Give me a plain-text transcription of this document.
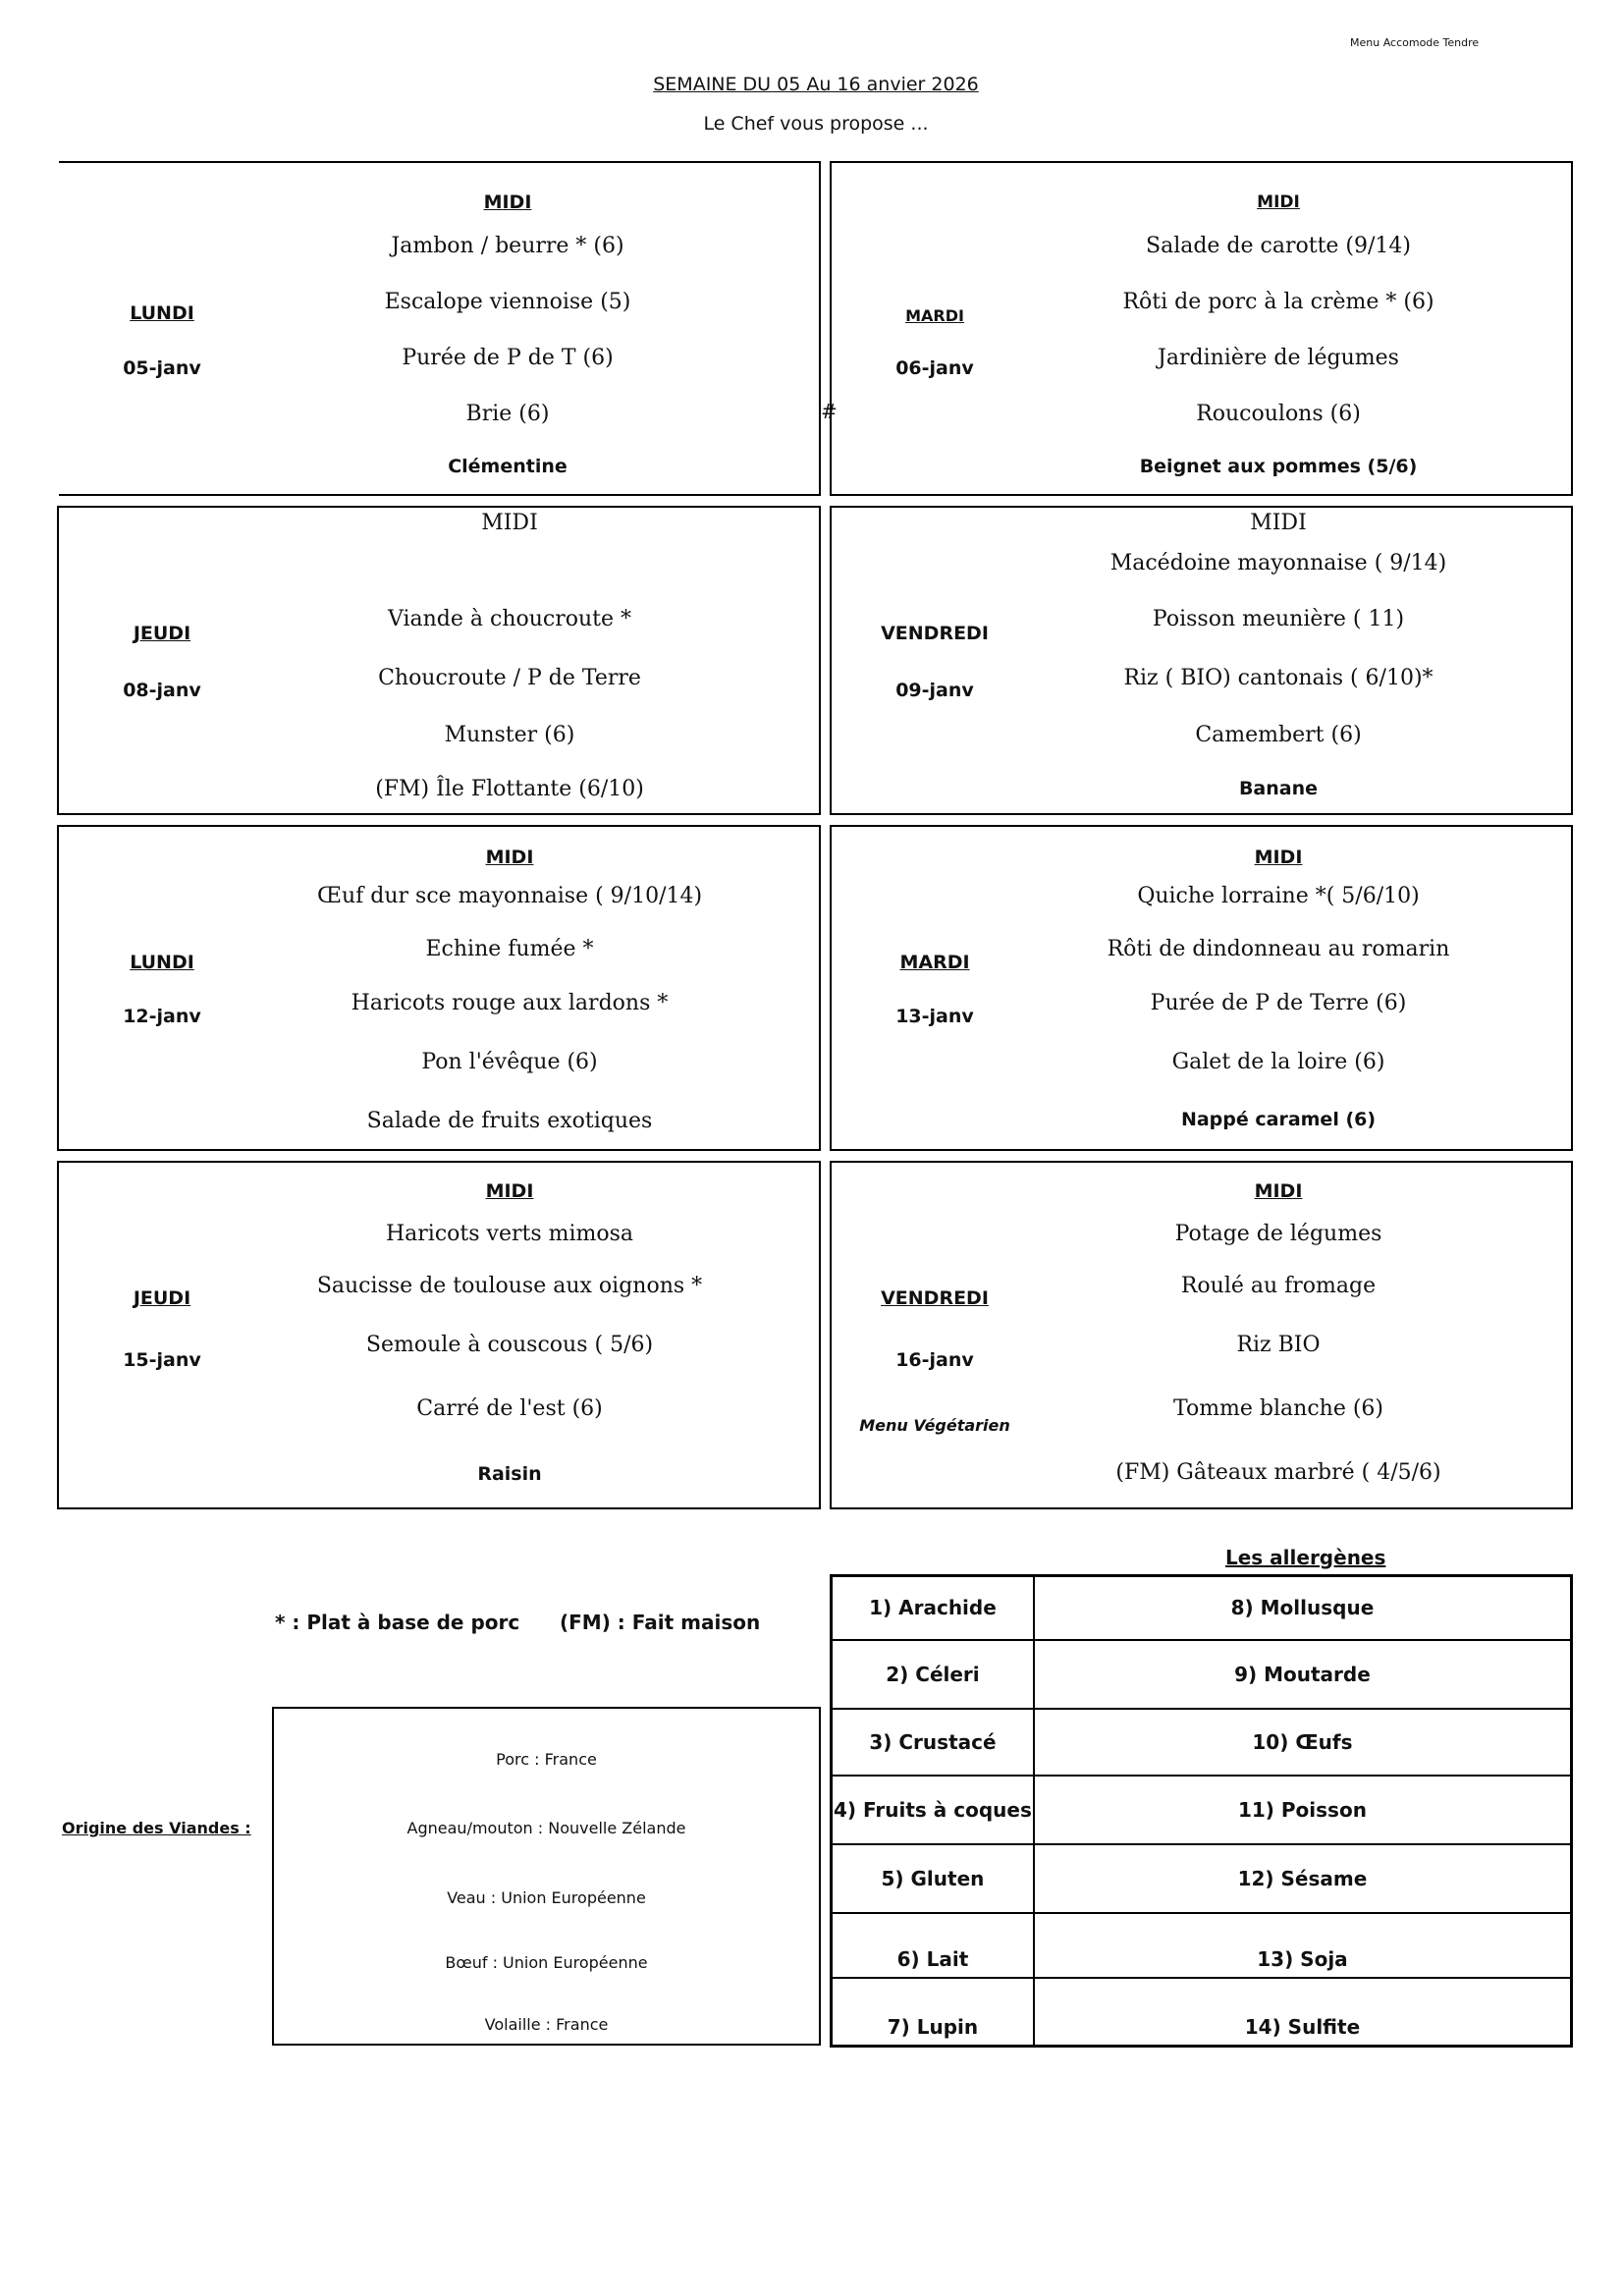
Menu Accomode Tendre
SEMAINE DU 05 Au 16 anvier 2026
Le Chef vous propose ...
LUNDI
05-janv
MIDI
Jambon / beurre * (6)
Escalope viennoise (5)
Purée de P de T (6)
Brie (6)
Clémentine
#
MARDI
06-janv
MIDI
Salade de carotte (9/14)
Rôti de porc à la crème * (6)
Jardinière de légumes
Roucoulons (6)
Beignet aux pommes (5/6)
JEUDI
08-janv
MIDI
Viande à choucroute *
Choucroute / P de Terre
Munster (6)
(FM) Île Flottante (6/10)
VENDREDI
09-janv
MIDI
Macédoine mayonnaise ( 9/14)
Poisson meunière ( 11)
Riz ( BIO) cantonais ( 6/10)*
Camembert (6)
Banane
LUNDI
12-janv
MIDI
Œuf dur sce mayonnaise ( 9/10/14)
Echine fumée *
Haricots rouge aux lardons *
Pon l'évêque (6)
Salade de fruits exotiques
MARDI
13-janv
MIDI
Quiche lorraine *( 5/6/10)
Rôti de dindonneau au romarin
Purée de P de Terre (6)
Galet de la loire (6)
Nappé caramel (6)
JEUDI
15-janv
MIDI
Haricots verts mimosa
Saucisse de toulouse aux oignons *
Semoule à couscous ( 5/6)
Carré de l'est (6)
Raisin
VENDREDI
16-janv
Menu Végétarien
MIDI
Potage de légumes
Roulé au fromage
Riz BIO
Tomme blanche (6)
(FM) Gâteaux marbré ( 4/5/6)
* : Plat à base de porc (FM) : Fait maison
Origine des Viandes :
Porc : France
Agneau/mouton : Nouvelle Zélande
Veau : Union Européenne
Bœuf : Union Européenne
Volaille : France
Les allergènes
1) Arachide	8) Mollusque
2) Céleri	9) Moutarde
3) Crustacé	10) Œufs
4) Fruits à coques	11) Poisson
5) Gluten	12) Sésame
6) Lait	13) Soja
7) Lupin	14) Sulfite
